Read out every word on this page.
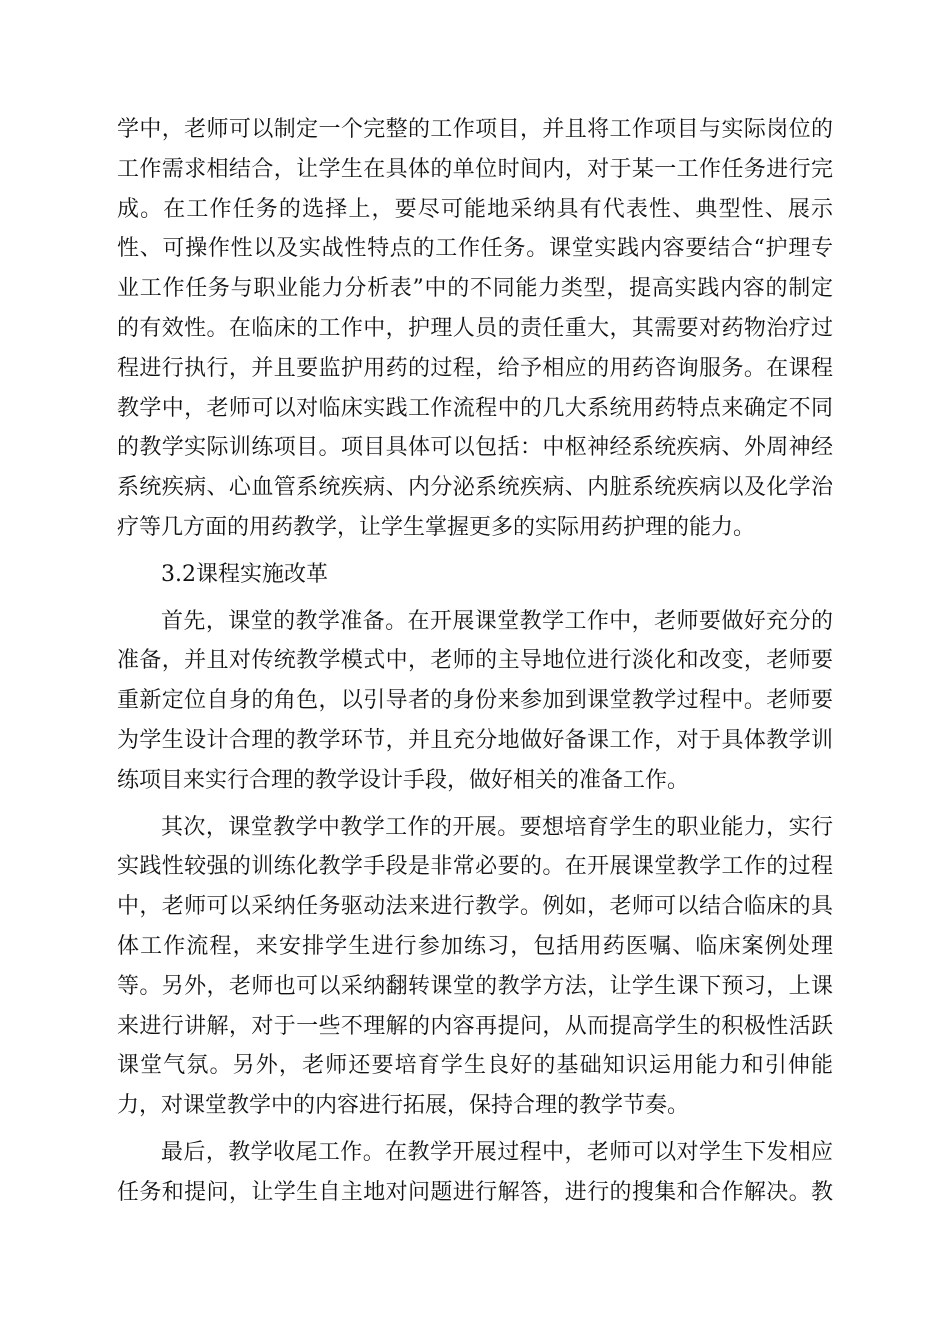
学中，老师可以制定一个完整的工作项目，并且将工作项目与实际岗位的
工作需求相结合，让学生在具体的单位时间内，对于某一工作任务进行完
成。在工作任务的选择上，要尽可能地采纳具有代表性、典型性、展示
性、可操作性以及实战性特点的工作任务。课堂实践内容要结合“护理专
业工作任务与职业能力分析表”中的不同能力类型，提高实践内容的制定
的有效性。在临床的工作中，护理人员的责任重大，其需要对药物治疗过
程进行执行，并且要监护用药的过程，给予相应的用药咨询服务。在课程
教学中，老师可以对临床实践工作流程中的几大系统用药特点来确定不同
的教学实际训练项目。项目具体可以包括：中枢神经系统疾病、外周神经
系统疾病、心血管系统疾病、内分泌系统疾病、内脏系统疾病以及化学治
疗等几方面的用药教学，让学生掌握更多的实际用药护理的能力。
3.2课程实施改革
首先，课堂的教学准备。在开展课堂教学工作中，老师要做好充分的
准备，并且对传统教学模式中，老师的主导地位进行淡化和改变，老师要
重新定位自身的角色，以引导者的身份来参加到课堂教学过程中。老师要
为学生设计合理的教学环节，并且充分地做好备课工作，对于具体教学训
练项目来实行合理的教学设计手段，做好相关的准备工作。
其次，课堂教学中教学工作的开展。要想培育学生的职业能力，实行
实践性较强的训练化教学手段是非常必要的。在开展课堂教学工作的过程
中，老师可以采纳任务驱动法来进行教学。例如，老师可以结合临床的具
体工作流程，来安排学生进行参加练习，包括用药医嘱、临床案例处理
等。另外，老师也可以采纳翻转课堂的教学方法，让学生课下预习，上课
来进行讲解，对于一些不理解的内容再提问，从而提高学生的积极性活跃
课堂气氛。另外，老师还要培育学生良好的基础知识运用能力和引伸能
力，对课堂教学中的内容进行拓展，保持合理的教学节奏。
最后，教学收尾工作。在教学开展过程中，老师可以对学生下发相应
任务和提问，让学生自主地对问题进行解答，进行的搜集和合作解决。教
